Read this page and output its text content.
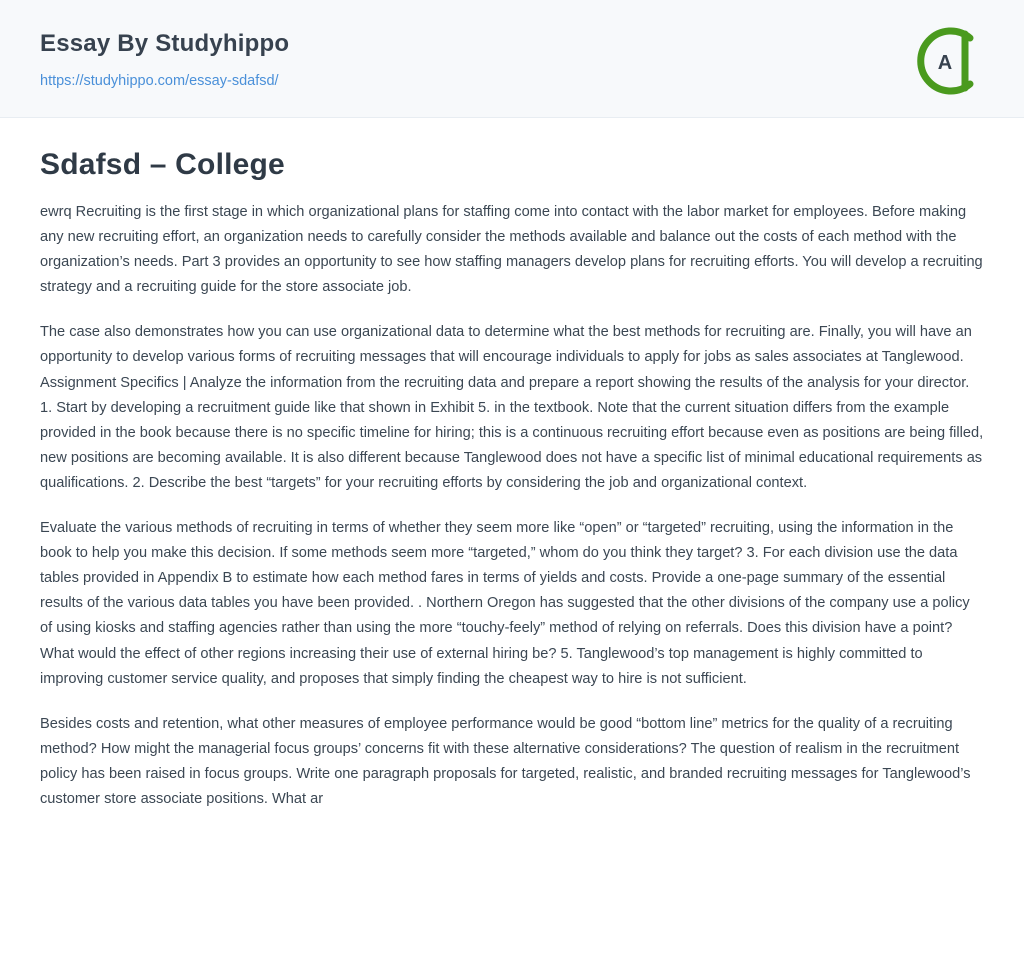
Essay By Studyhippo
https://studyhippo.com/essay-sdafsd/
A
Sdafsd – College

ewrq Recruiting is the first stage in which organizational plans for staffing come into contact with the labor market for employees. Before making any new recruiting effort, an organization needs to carefully consider the methods available and balance out the costs of each method with the organization’s needs. Part 3 provides an opportunity to see how staffing managers develop plans for recruiting efforts. You will develop a recruiting strategy and a recruiting guide for the store associate job.

The case also demonstrates how you can use organizational data to determine what the best methods for recruiting are. Finally, you will have an opportunity to develop various forms of recruiting messages that will encourage individuals to apply for jobs as sales associates at Tanglewood. Assignment Specifics | Analyze the information from the recruiting data and prepare a report showing the results of the analysis for your director. 1. Start by developing a recruitment guide like that shown in Exhibit 5. in the textbook. Note that the current situation differs from the example provided in the book because there is no specific timeline for hiring; this is a continuous recruiting effort because even as positions are being filled, new positions are becoming available. It is also different because Tanglewood does not have a specific list of minimal educational requirements as qualifications. 2. Describe the best “targets” for your recruiting efforts by considering the job and organizational context.

Evaluate the various methods of recruiting in terms of whether they seem more like “open” or “targeted” recruiting, using the information in the book to help you make this decision. If some methods seem more “targeted,” whom do you think they target? 3. For each division use the data tables provided in Appendix B to estimate how each method fares in terms of yields and costs. Provide a one-page summary of the essential results of the various data tables you have been provided. . Northern Oregon has suggested that the other divisions of the company use a policy of using kiosks and staffing agencies rather than using the more “touchy-feely” method of relying on referrals. Does this division have a point? What would the effect of other regions increasing their use of external hiring be? 5. Tanglewood’s top management is highly committed to improving customer service quality, and proposes that simply finding the cheapest way to hire is not sufficient.

Besides costs and retention, what other measures of employee performance would be good “bottom line” metrics for the quality of a recruiting method? How might the managerial focus groups’ concerns fit with these alternative considerations? The question of realism in the recruitment policy has been raised in focus groups. Write one paragraph proposals for targeted, realistic, and branded recruiting messages for Tanglewood’s customer store associate positions. What ar
